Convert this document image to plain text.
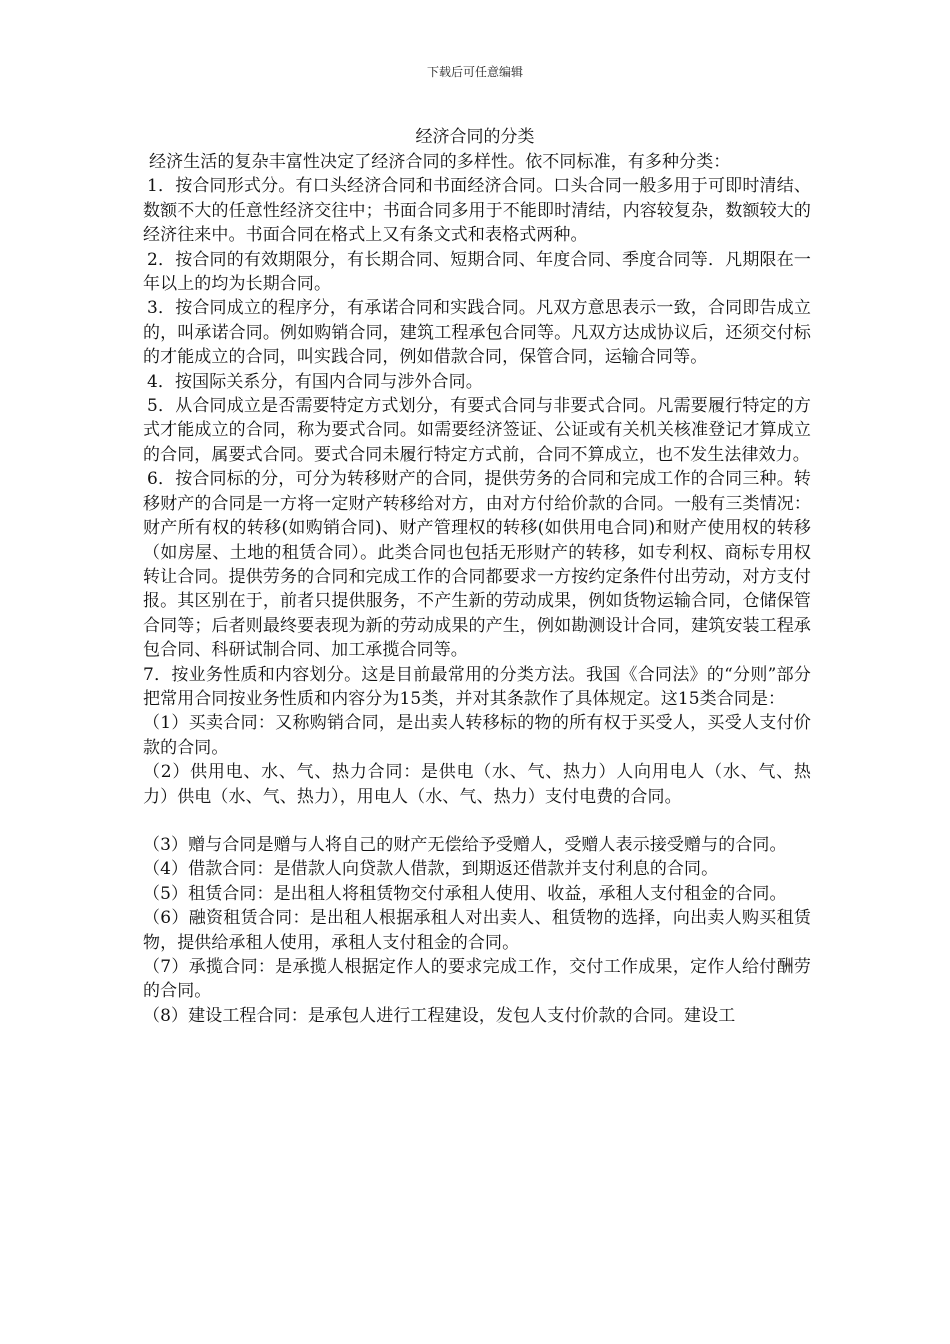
下载后可任意编辑
经济合同的分类

经济生活的复杂丰富性决定了经济合同的多样性。依不同标准，有多种分类：

1．按合同形式分。有口头经济合同和书面经济合同。口头合同一般多用于可即时清结、数额不大的任意性经济交往中；书面合同多用于不能即时清结，内容较复杂，数额较大的经济往来中。书面合同在格式上又有条文式和表格式两种。

2．按合同的有效期限分，有长期合同、短期合同、年度合同、季度合同等．凡期限在一年以上的均为长期合同。

3．按合同成立的程序分，有承诺合同和实践合同。凡双方意思表示一致，合同即告成立的，叫承诺合同。例如购销合同，建筑工程承包合同等。凡双方达成协议后，还须交付标的才能成立的合同，叫实践合同，例如借款合同，保管合同，运输合同等。

4．按国际关系分，有国内合同与涉外合同。

5．从合同成立是否需要特定方式划分，有要式合同与非要式合同。凡需要履行特定的方式才能成立的合同，称为要式合同。如需要经济签证、公证或有关机关核准登记才算成立的合同，属要式合同。要式合同未履行特定方式前，合同不算成立，也不发生法律效力。

6．按合同标的分，可分为转移财产的合同，提供劳务的合同和完成工作的合同三种。转移财产的合同是一方将一定财产转移给对方，由对方付给价款的合同。一般有三类情况：财产所有权的转移(如购销合同)、财产管理权的转移(如供用电合同)和财产使用权的转移（如房屋、土地的租赁合同）。此类合同也包括无形财产的转移，如专利权、商标专用权转让合同。提供劳务的合同和完成工作的合同都要求一方按约定条件付出劳动，对方支付报。其区别在于，前者只提供服务，不产生新的劳动成果，例如货物运输合同，仓储保管合同等；后者则最终要表现为新的劳动成果的产生，例如勘测设计合同，建筑安装工程承包合同、科研试制合同、加工承揽合同等。

7．按业务性质和内容划分。这是目前最常用的分类方法。我国《合同法》的“分则”部分把常用合同按业务性质和内容分为15类，并对其条款作了具体规定。这15类合同是：

（1）买卖合同：又称购销合同，是出卖人转移标的物的所有权于买受人，买受人支付价款的合同。

（2）供用电、水、气、热力合同：是供电（水、气、热力）人向用电人（水、气、热力）供电（水、气、热力），用电人（水、气、热力）支付电费的合同。

（3）赠与合同是赠与人将自己的财产无偿给予受赠人，受赠人表示接受赠与的合同。

（4）借款合同：是借款人向贷款人借款，到期返还借款并支付利息的合同。

（5）租赁合同：是出租人将租赁物交付承租人使用、收益，承租人支付租金的合同。

（6）融资租赁合同：是出租人根据承租人对出卖人、租赁物的选择，向出卖人购买租赁物，提供给承租人使用，承租人支付租金的合同。

（7）承揽合同：是承揽人根据定作人的要求完成工作，交付工作成果，定作人给付酬劳的合同。

（8）建设工程合同：是承包人进行工程建设，发包人支付价款的合同。建设工
